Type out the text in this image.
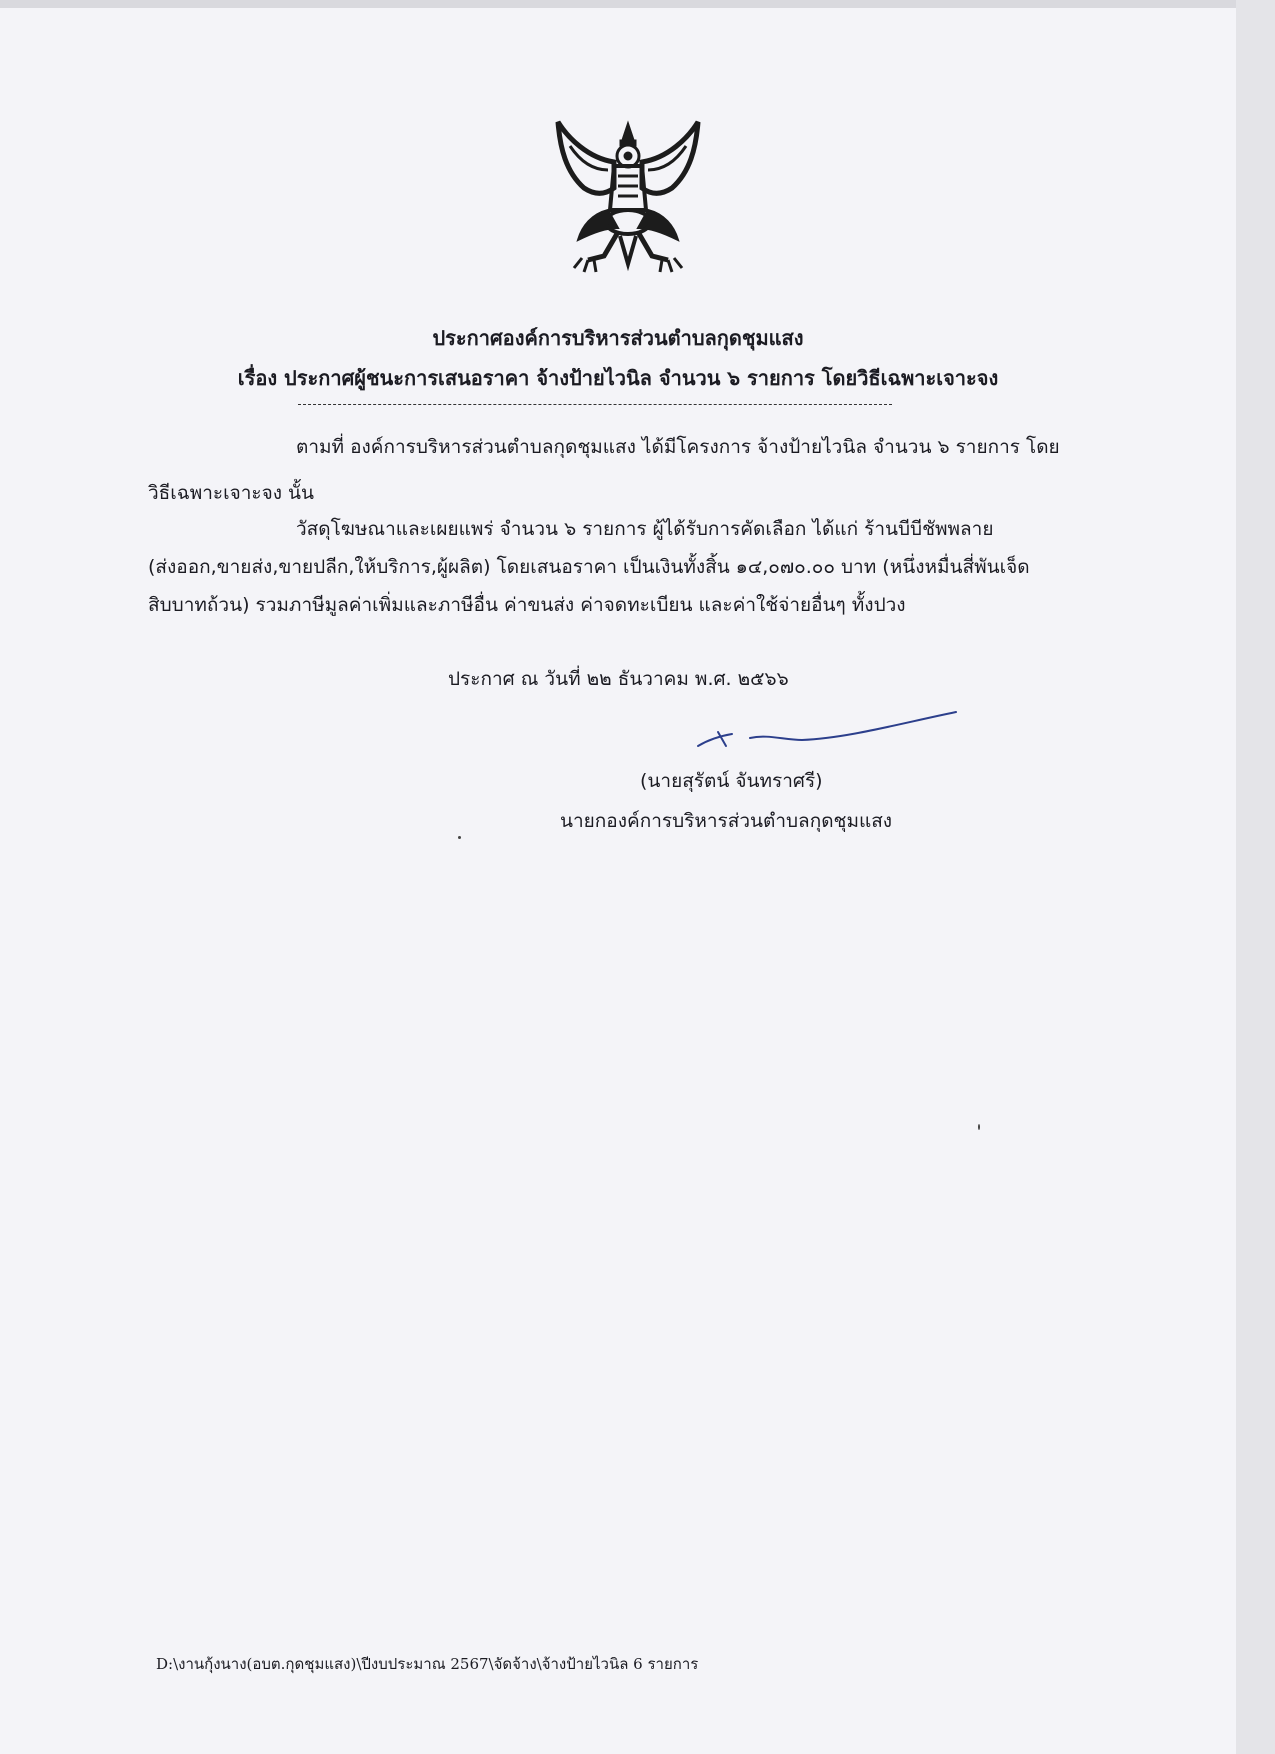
ประกาศองค์การบริหารส่วนตำบลกุดชุมแสง
เรื่อง ประกาศผู้ชนะการเสนอราคา จ้างป้ายไวนิล จำนวน ๖ รายการ โดยวิธีเฉพาะเจาะจง
ตามที่ องค์การบริหารส่วนตำบลกุดชุมแสง ได้มีโครงการ จ้างป้ายไวนิล จำนวน ๖ รายการ โดย
วิธีเฉพาะเจาะจง นั้น
วัสดุโฆษณาและเผยแพร่ จำนวน ๖ รายการ ผู้ได้รับการคัดเลือก ได้แก่ ร้านบีบีชัพพลาย
(ส่งออก,ขายส่ง,ขายปลีก,ให้บริการ,ผู้ผลิต) โดยเสนอราคา เป็นเงินทั้งสิ้น ๑๔,๐๗๐.๐๐ บาท (หนึ่งหมื่นสี่พันเจ็ด
สิบบาทถ้วน) รวมภาษีมูลค่าเพิ่มและภาษีอื่น ค่าขนส่ง ค่าจดทะเบียน และค่าใช้จ่ายอื่นๆ ทั้งปวง
ประกาศ ณ วันที่ ๒๒ ธันวาคม พ.ศ. ๒๕๖๖
(นายสุรัตน์ จันทราศรี)
นายกองค์การบริหารส่วนตำบลกุดชุมแสง
D:\งานกุ้งนาง(อบต.กุดชุมแสง)\ปีงบประมาณ 2567\จัดจ้าง\จ้างป้ายไวนิล 6 รายการ
